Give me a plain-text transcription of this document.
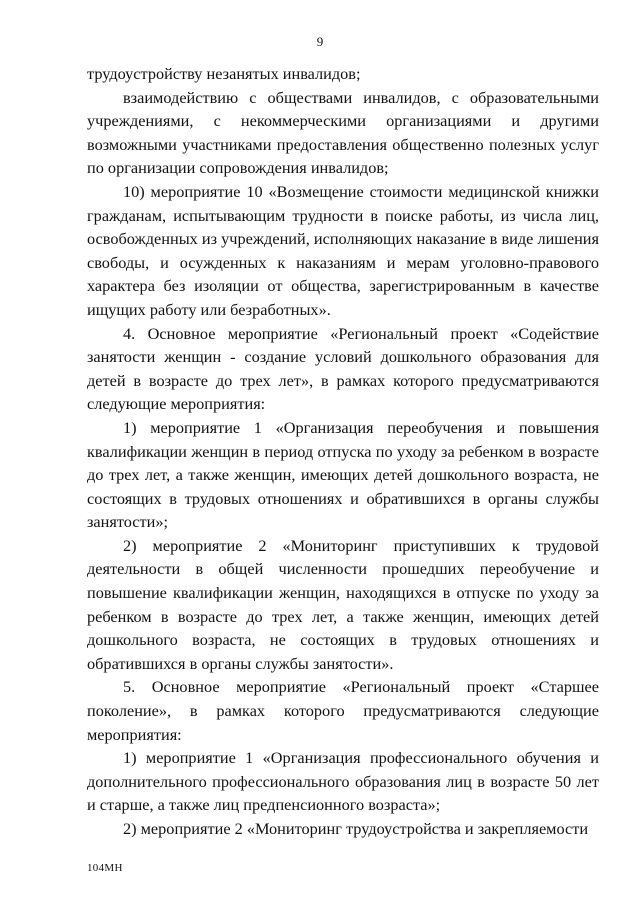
9

трудоустройству незанятых инвалидов;

взаимодействию с обществами инвалидов, с образовательными учреждениями, с некоммерческими организациями и другими возможными участниками предоставления общественно полезных услуг по организации сопровождения инвалидов;

10) мероприятие 10 «Возмещение стоимости медицинской книжки гражданам, испытывающим трудности в поиске работы, из числа лиц, освобожденных из учреждений, исполняющих наказание в виде лишения свободы, и осужденных к наказаниям и мерам уголовно-правового характера без изоляции от общества, зарегистрированным в качестве ищущих работу или безработных».

4. Основное мероприятие «Региональный проект «Содействие занятости женщин - создание условий дошкольного образования для детей в возрасте до трех лет», в рамках которого предусматриваются следующие мероприятия:

1) мероприятие 1 «Организация переобучения и повышения квалификации женщин в период отпуска по уходу за ребенком в возрасте до трех лет, а также женщин, имеющих детей дошкольного возраста, не состоящих в трудовых отношениях и обратившихся в органы службы занятости»;

2) мероприятие 2 «Мониторинг приступивших к трудовой деятельности в общей численности прошедших переобучение и повышение квалификации женщин, находящихся в отпуске по уходу за ребенком в возрасте до трех лет, а также женщин, имеющих детей дошкольного возраста, не состоящих в трудовых отношениях и обратившихся в органы службы занятости».

5. Основное мероприятие «Региональный проект «Старшее поколение», в рамках которого предусматриваются следующие мероприятия:

1) мероприятие 1 «Организация профессионального обучения и дополнительного профессионального образования лиц в возрасте 50 лет и старше, а также лиц предпенсионного возраста»;

2) мероприятие 2 «Мониторинг трудоустройства и закрепляемости

104МН
